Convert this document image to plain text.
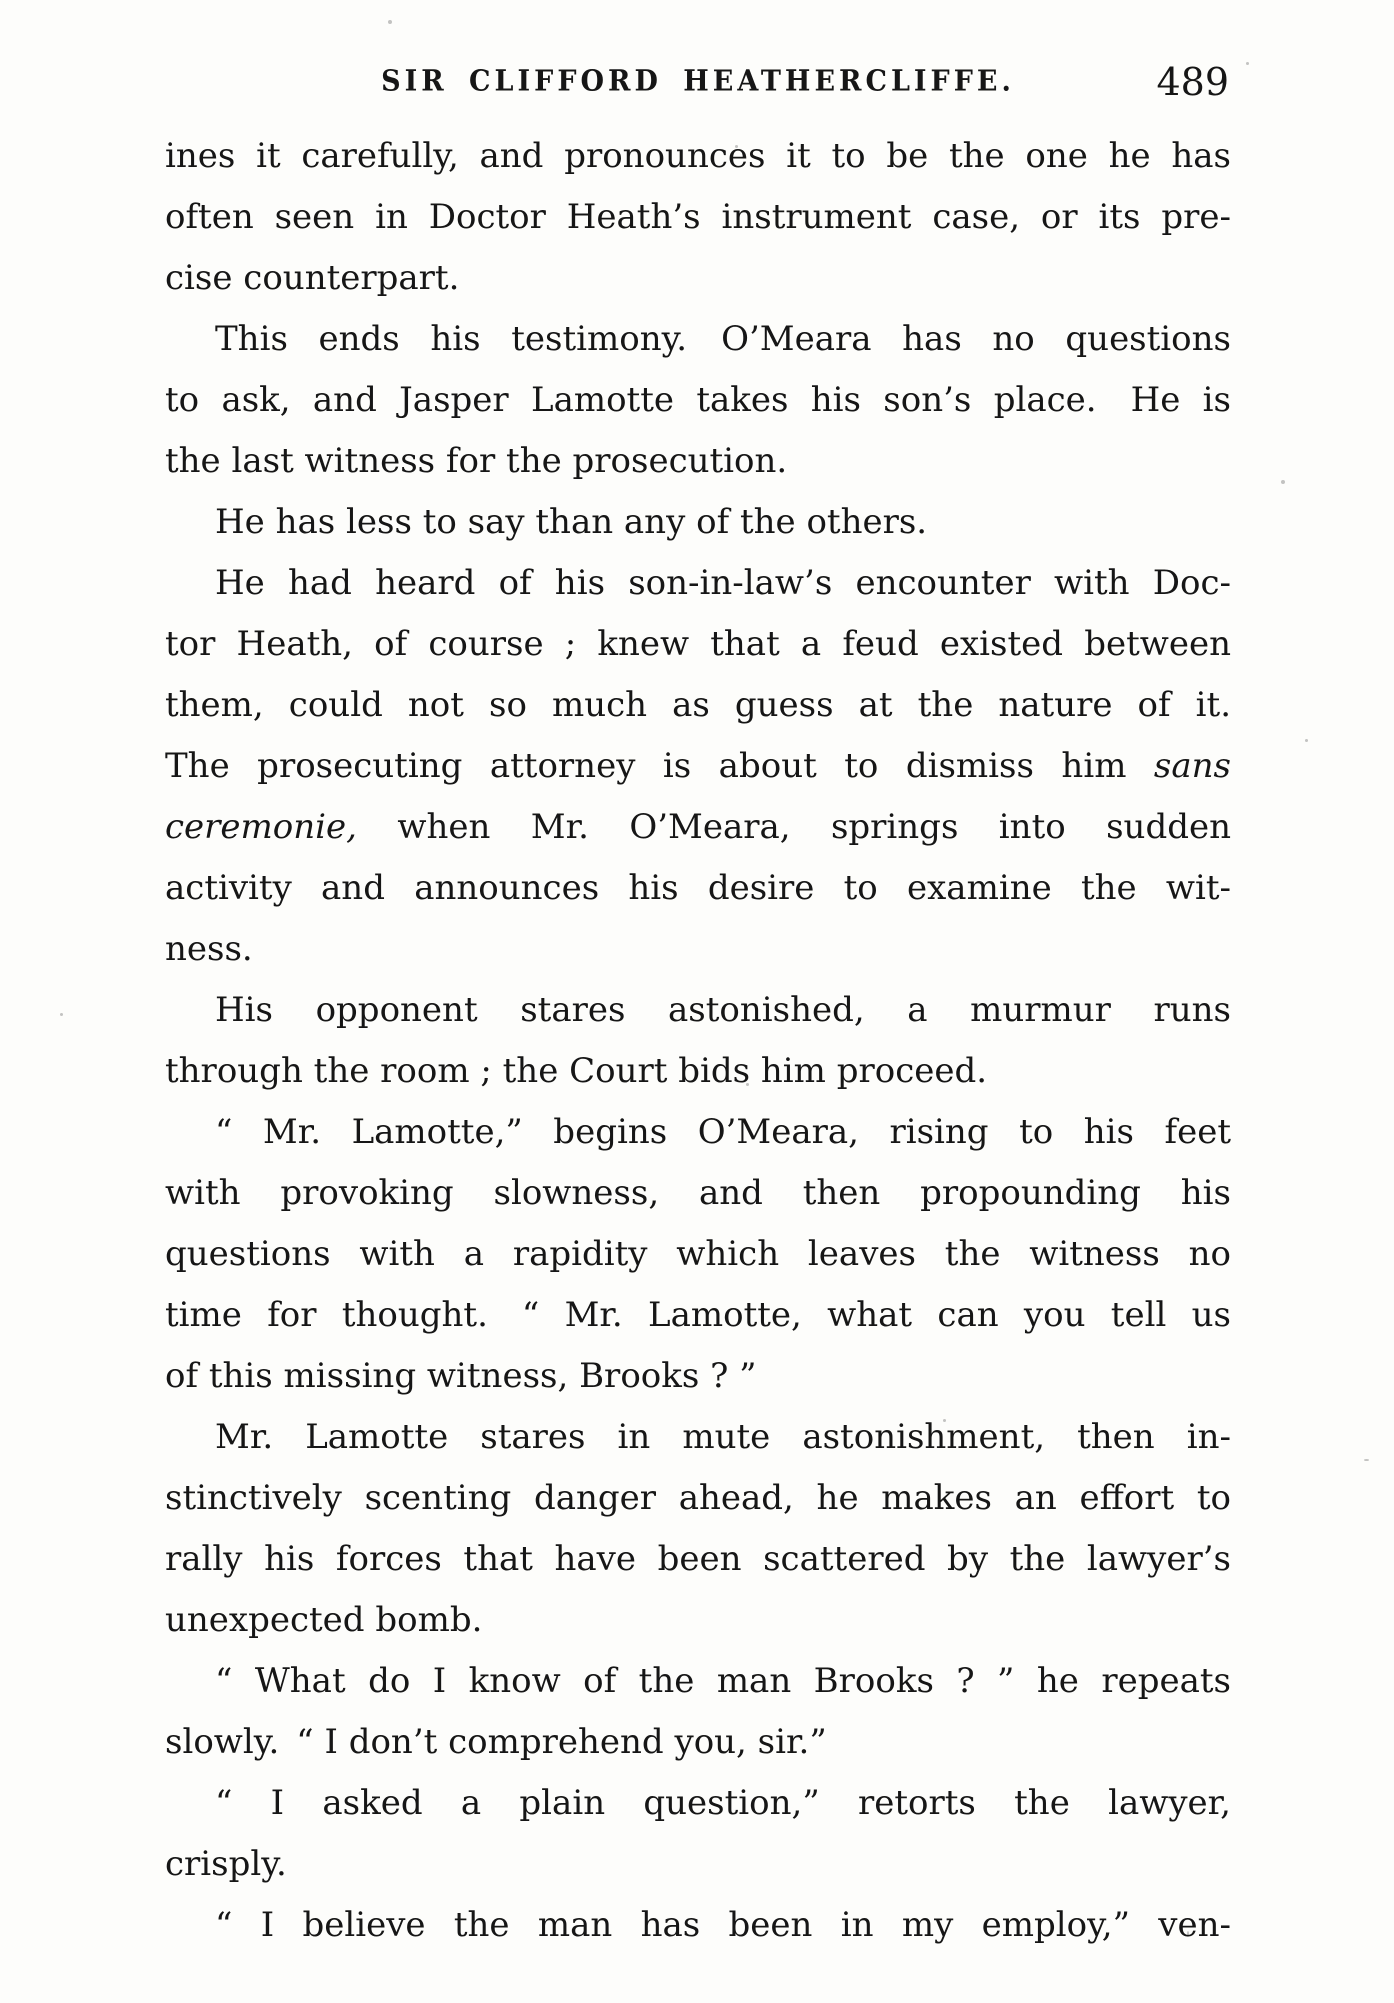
SIR CLIFFORD HEATHERCLIFFE.	489
ines it carefully, and pronounces it to be the one he has
often seen in Doctor Heath’s instrument case, or its pre-
cise counterpart.
This ends his testimony. O’Meara has no questions
to ask, and Jasper Lamotte takes his son’s place. He is
the last witness for the prosecution.
He has less to say than any of the others.
He had heard of his son-in-law’s encounter with Doc-
tor Heath, of course ; knew that a feud existed between
them, could not so much as guess at the nature of it.
The prosecuting attorney is about to dismiss him sans
ceremonie, when Mr. O’Meara, springs into sudden
activity and announces his desire to examine the wit-
ness.
His opponent stares astonished, a murmur runs
through the room ; the Court bids him proceed.
“ Mr. Lamotte,” begins O’Meara, rising to his feet
with provoking slowness, and then propounding his
questions with a rapidity which leaves the witness no
time for thought. “ Mr. Lamotte, what can you tell us
of this missing witness, Brooks ? ”
Mr. Lamotte stares in mute astonishment, then in-
stinctively scenting danger ahead, he makes an effort to
rally his forces that have been scattered by the lawyer’s
unexpected bomb.
“ What do I know of the man Brooks ? ” he repeats
slowly. “ I don’t comprehend you, sir.”
“ I asked a plain question,” retorts the lawyer,
crisply.
“ I believe the man has been in my employ,” ven-
